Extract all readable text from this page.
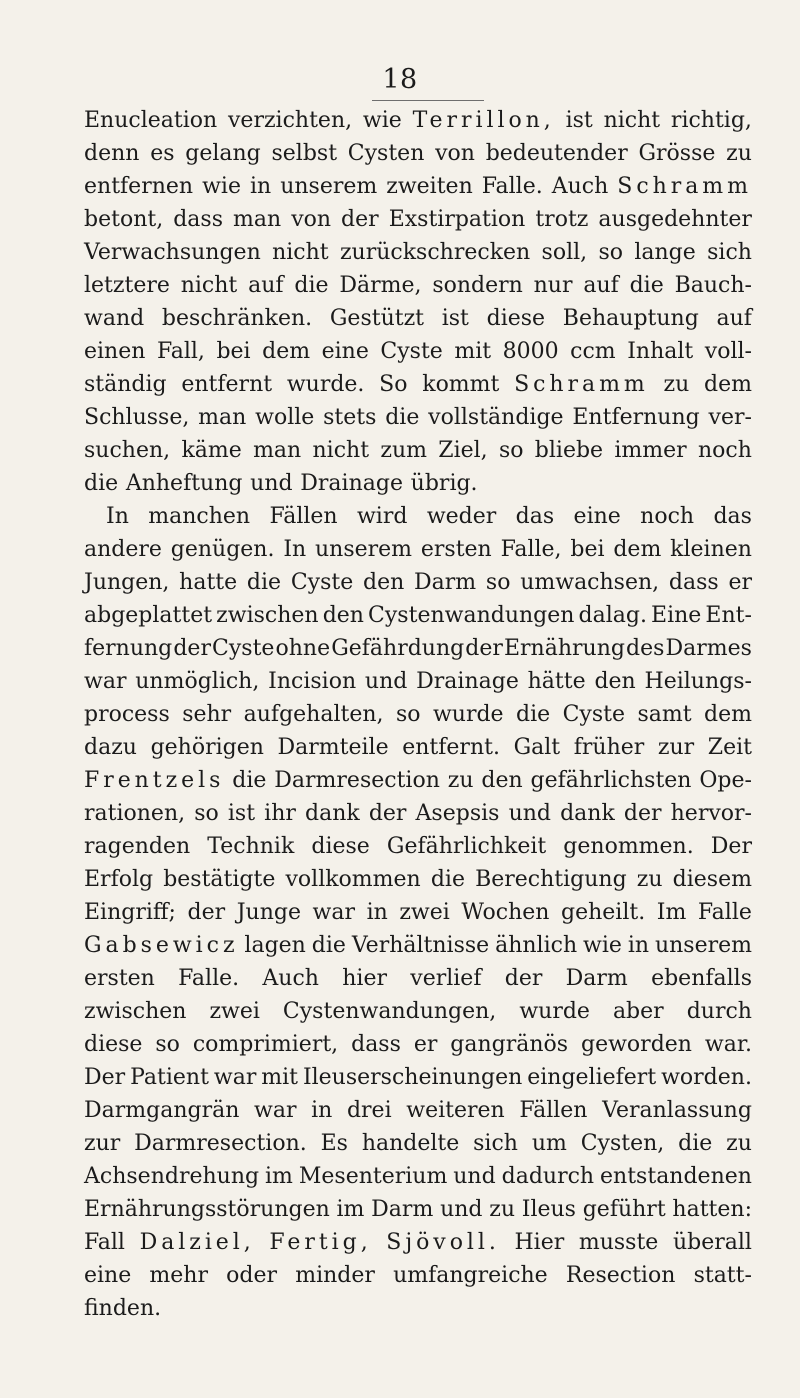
18
Enucleation verzichten, wie Terrillon, ist nicht richtig,
denn es gelang selbst Cysten von bedeutender Grösse zu
entfernen wie in unserem zweiten Falle. Auch Schramm
betont, dass man von der Exstirpation trotz ausgedehnter
Verwachsungen nicht zurückschrecken soll, so lange sich
letztere nicht auf die Därme, sondern nur auf die Bauch-
wand beschränken. Gestützt ist diese Behauptung auf
einen Fall, bei dem eine Cyste mit 8000 ccm Inhalt voll-
ständig entfernt wurde. So kommt Schramm zu dem
Schlusse, man wolle stets die vollständige Entfernung ver-
suchen, käme man nicht zum Ziel, so bliebe immer noch
die Anheftung und Drainage übrig.
In manchen Fällen wird weder das eine noch das
andere genügen. In unserem ersten Falle, bei dem kleinen
Jungen, hatte die Cyste den Darm so umwachsen, dass er
abgeplattet zwischen den Cystenwandungen dalag. Eine Ent-
fernung der Cyste ohne Gefährdung der Ernährung des Darmes
war unmöglich, Incision und Drainage hätte den Heilungs-
process sehr aufgehalten, so wurde die Cyste samt dem
dazu gehörigen Darmteile entfernt. Galt früher zur Zeit
Frentzels die Darmresection zu den gefährlichsten Ope-
rationen, so ist ihr dank der Asepsis und dank der hervor-
ragenden Technik diese Gefährlichkeit genommen. Der
Erfolg bestätigte vollkommen die Berechtigung zu diesem
Eingriff; der Junge war in zwei Wochen geheilt. Im Falle
Gabsewicz lagen die Verhältnisse ähnlich wie in unserem
ersten Falle. Auch hier verlief der Darm ebenfalls
zwischen zwei Cystenwandungen, wurde aber durch
diese so comprimiert, dass er gangränös geworden war.
Der Patient war mit Ileuserscheinungen eingeliefert worden.
Darmgangrän war in drei weiteren Fällen Veranlassung
zur Darmresection. Es handelte sich um Cysten, die zu
Achsendrehung im Mesenterium und dadurch entstandenen
Ernährungsstörungen im Darm und zu Ileus geführt hatten:
Fall Dalziel, Fertig, Sjövoll. Hier musste überall
eine mehr oder minder umfangreiche Resection statt-
finden.
